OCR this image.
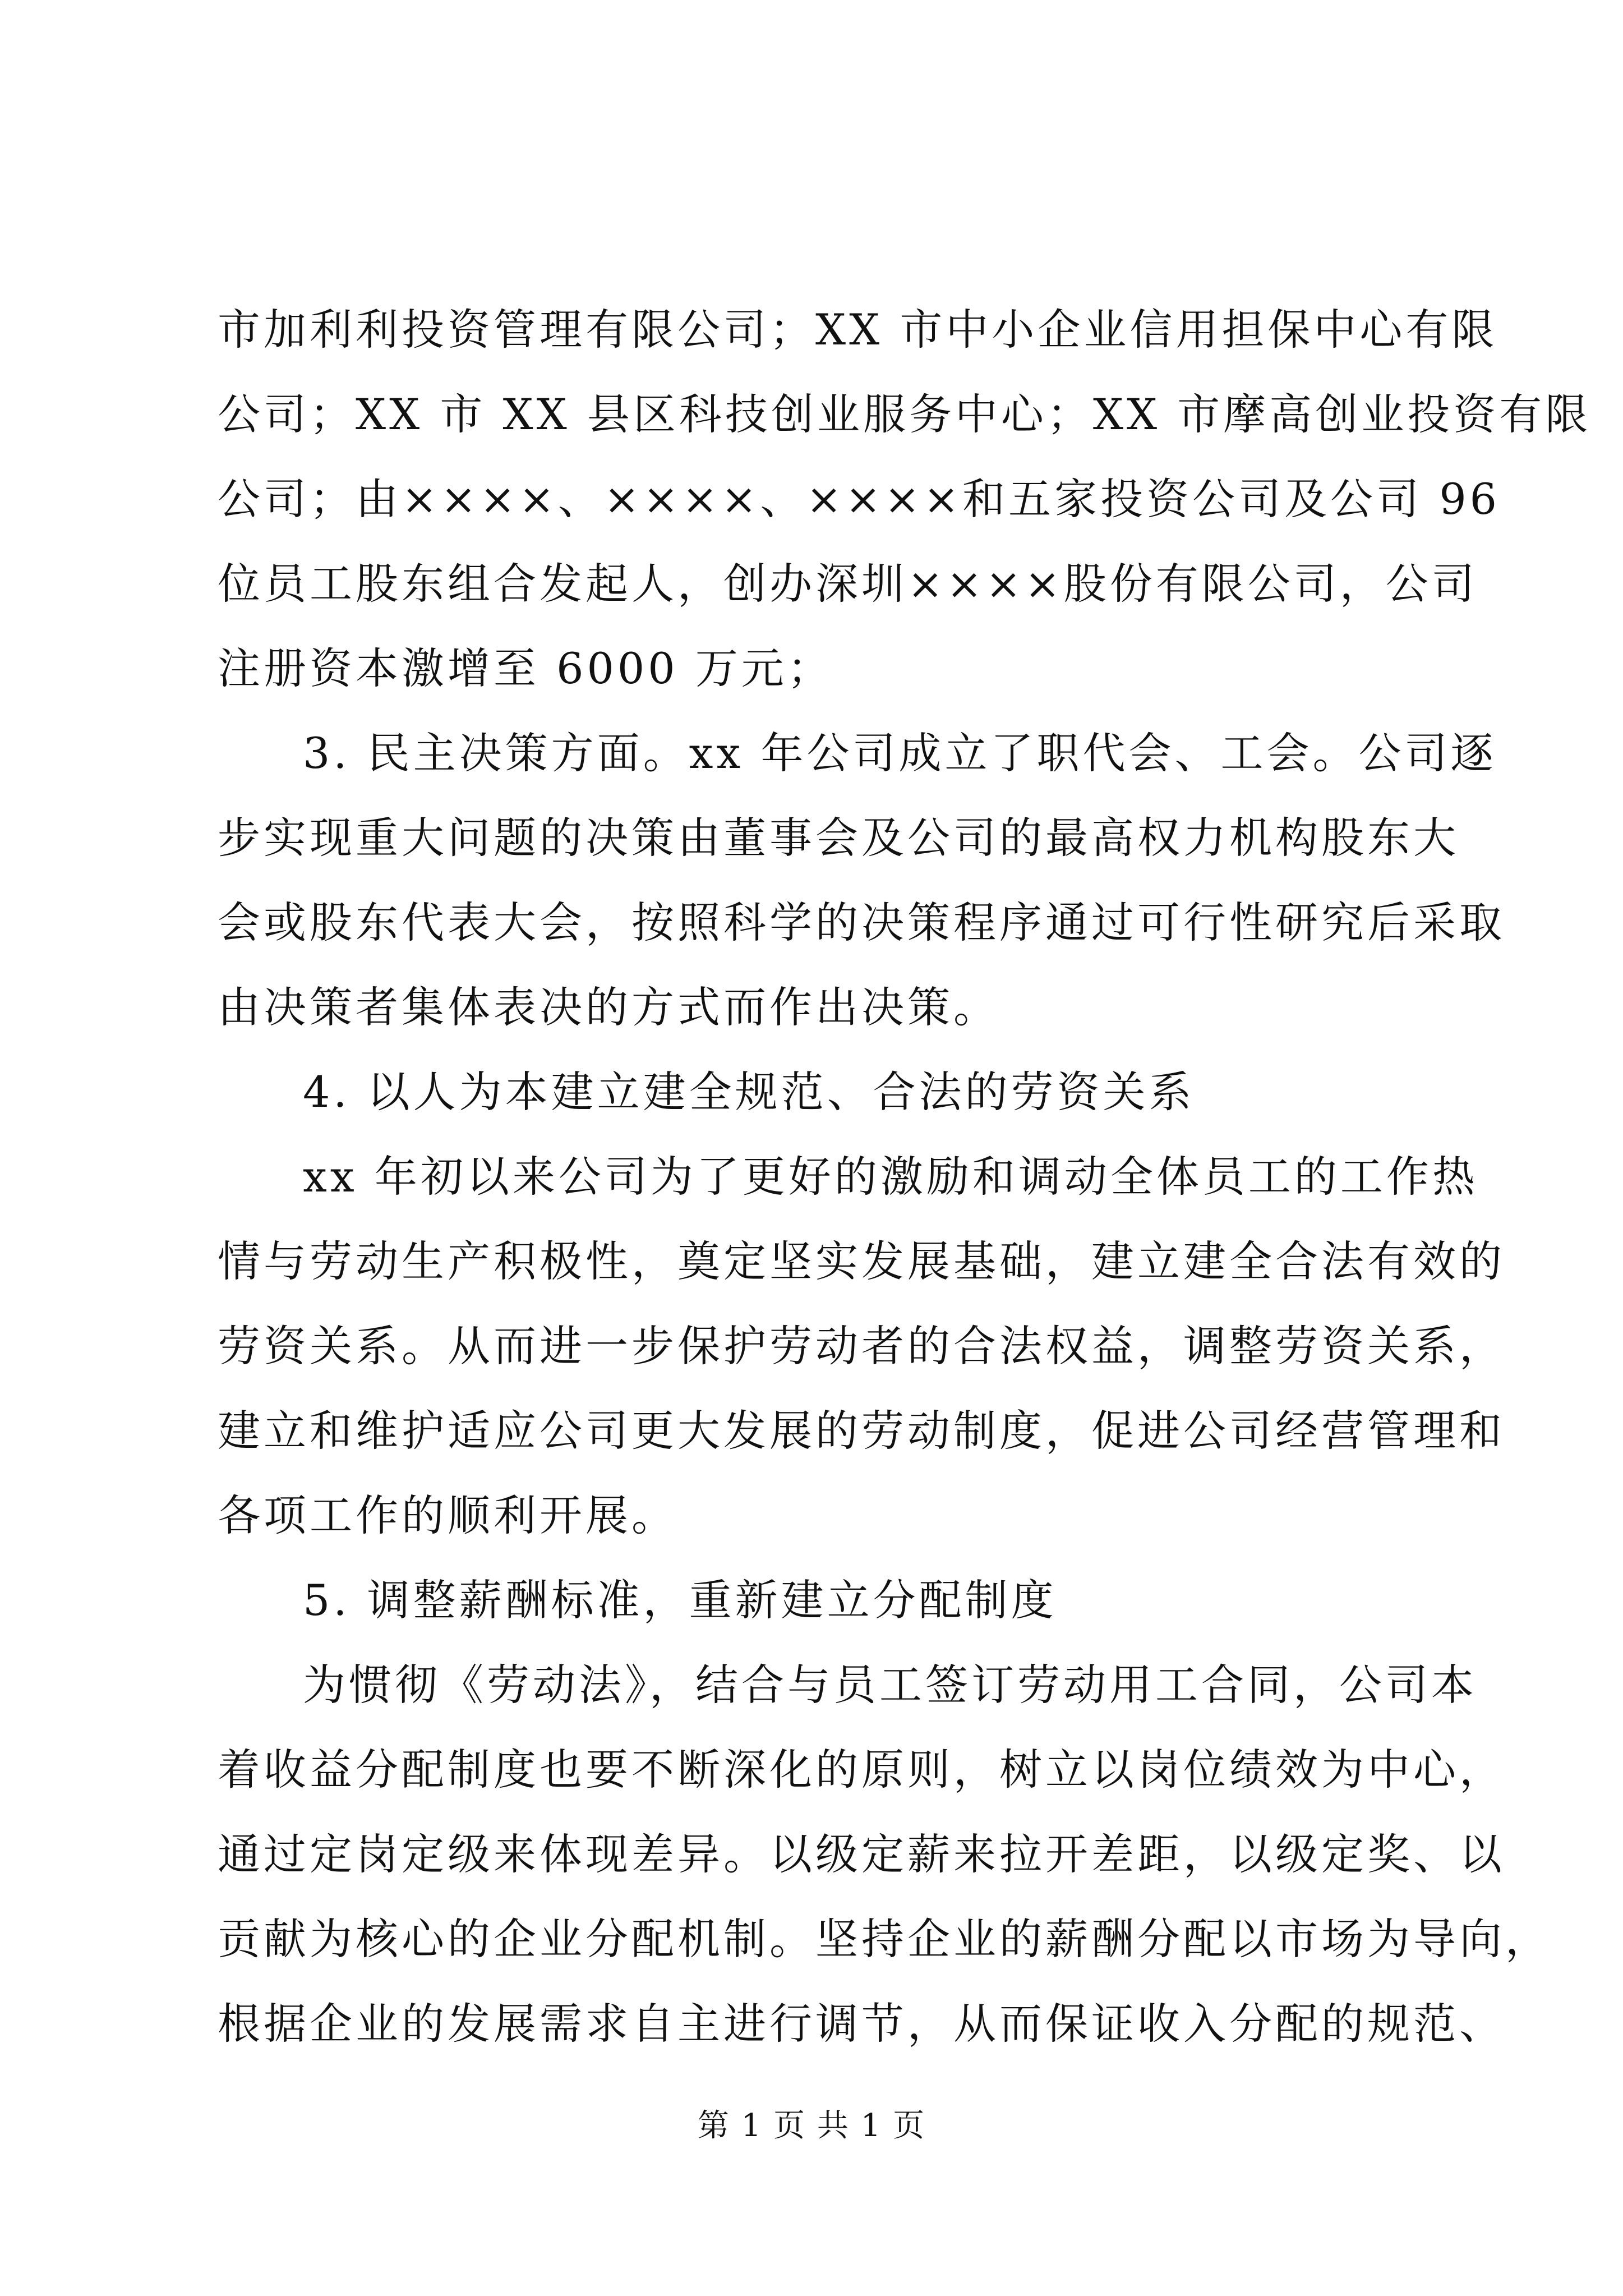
市加利利投资管理有限公司；XX 市中小企业信用担保中心有限
公司；XX 市 XX 县区科技创业服务中心；XX 市摩高创业投资有限
公司；由××××、××××、××××和五家投资公司及公司 96
位员工股东组合发起人，创办深圳××××股份有限公司，公司
注册资本激增至 6000 万元；
3. 民主决策方面。xx 年公司成立了职代会、工会。公司逐
步实现重大问题的决策由董事会及公司的最高权力机构股东大
会或股东代表大会，按照科学的决策程序通过可行性研究后采取
由决策者集体表决的方式而作出决策。
4. 以人为本建立建全规范、合法的劳资关系
xx 年初以来公司为了更好的激励和调动全体员工的工作热
情与劳动生产积极性，奠定坚实发展基础，建立建全合法有效的
劳资关系。从而进一步保护劳动者的合法权益，调整劳资关系，
建立和维护适应公司更大发展的劳动制度，促进公司经营管理和
各项工作的顺利开展。
5. 调整薪酬标准，重新建立分配制度
为惯彻《劳动法》，结合与员工签订劳动用工合同，公司本
着收益分配制度也要不断深化的原则，树立以岗位绩效为中心，
通过定岗定级来体现差异。以级定薪来拉开差距，以级定奖、以
贡献为核心的企业分配机制。坚持企业的薪酬分配以市场为导向，
根据企业的发展需求自主进行调节，从而保证收入分配的规范、
第 1 页 共 1 页
